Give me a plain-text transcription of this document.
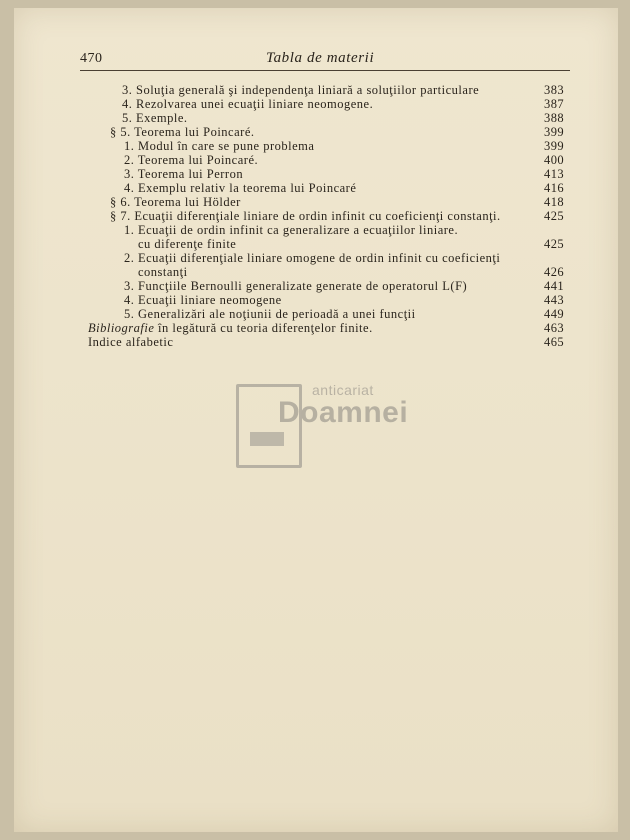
470	Tabla de materii
3. Soluţia generală şi independenţa liniară a soluţiilor particulare	383
4. Rezolvarea unei ecuaţii liniare neomogene.	387
5. Exemple.	388
§ 5. Teorema lui Poincaré.	399
1. Modul în care se pune problema	399
2. Teorema lui Poincaré.	400
3. Teorema lui Perron	413
4. Exemplu relativ la teorema lui Poincaré	416
§ 6. Teorema lui Hölder	418
§ 7. Ecuaţii diferenţiale liniare de ordin infinit cu coeficienţi constanţi.	425
1. Ecuaţii de ordin infinit ca generalizare a ecuaţiilor liniare.
cu diferenţe finite	425
2. Ecuaţii diferenţiale liniare omogene de ordin infinit cu coeficienţi
constanţi	426
3. Funcţiile Bernoulli generalizate generate de operatorul L(F)	441
4. Ecuaţii liniare neomogene	443
5. Generalizări ale noţiunii de perioadă a unei funcţii	449
Bibliografie în legătură cu teoria diferenţelor finite.	463
Indice alfabetic	465
anticariat
Doamnei
